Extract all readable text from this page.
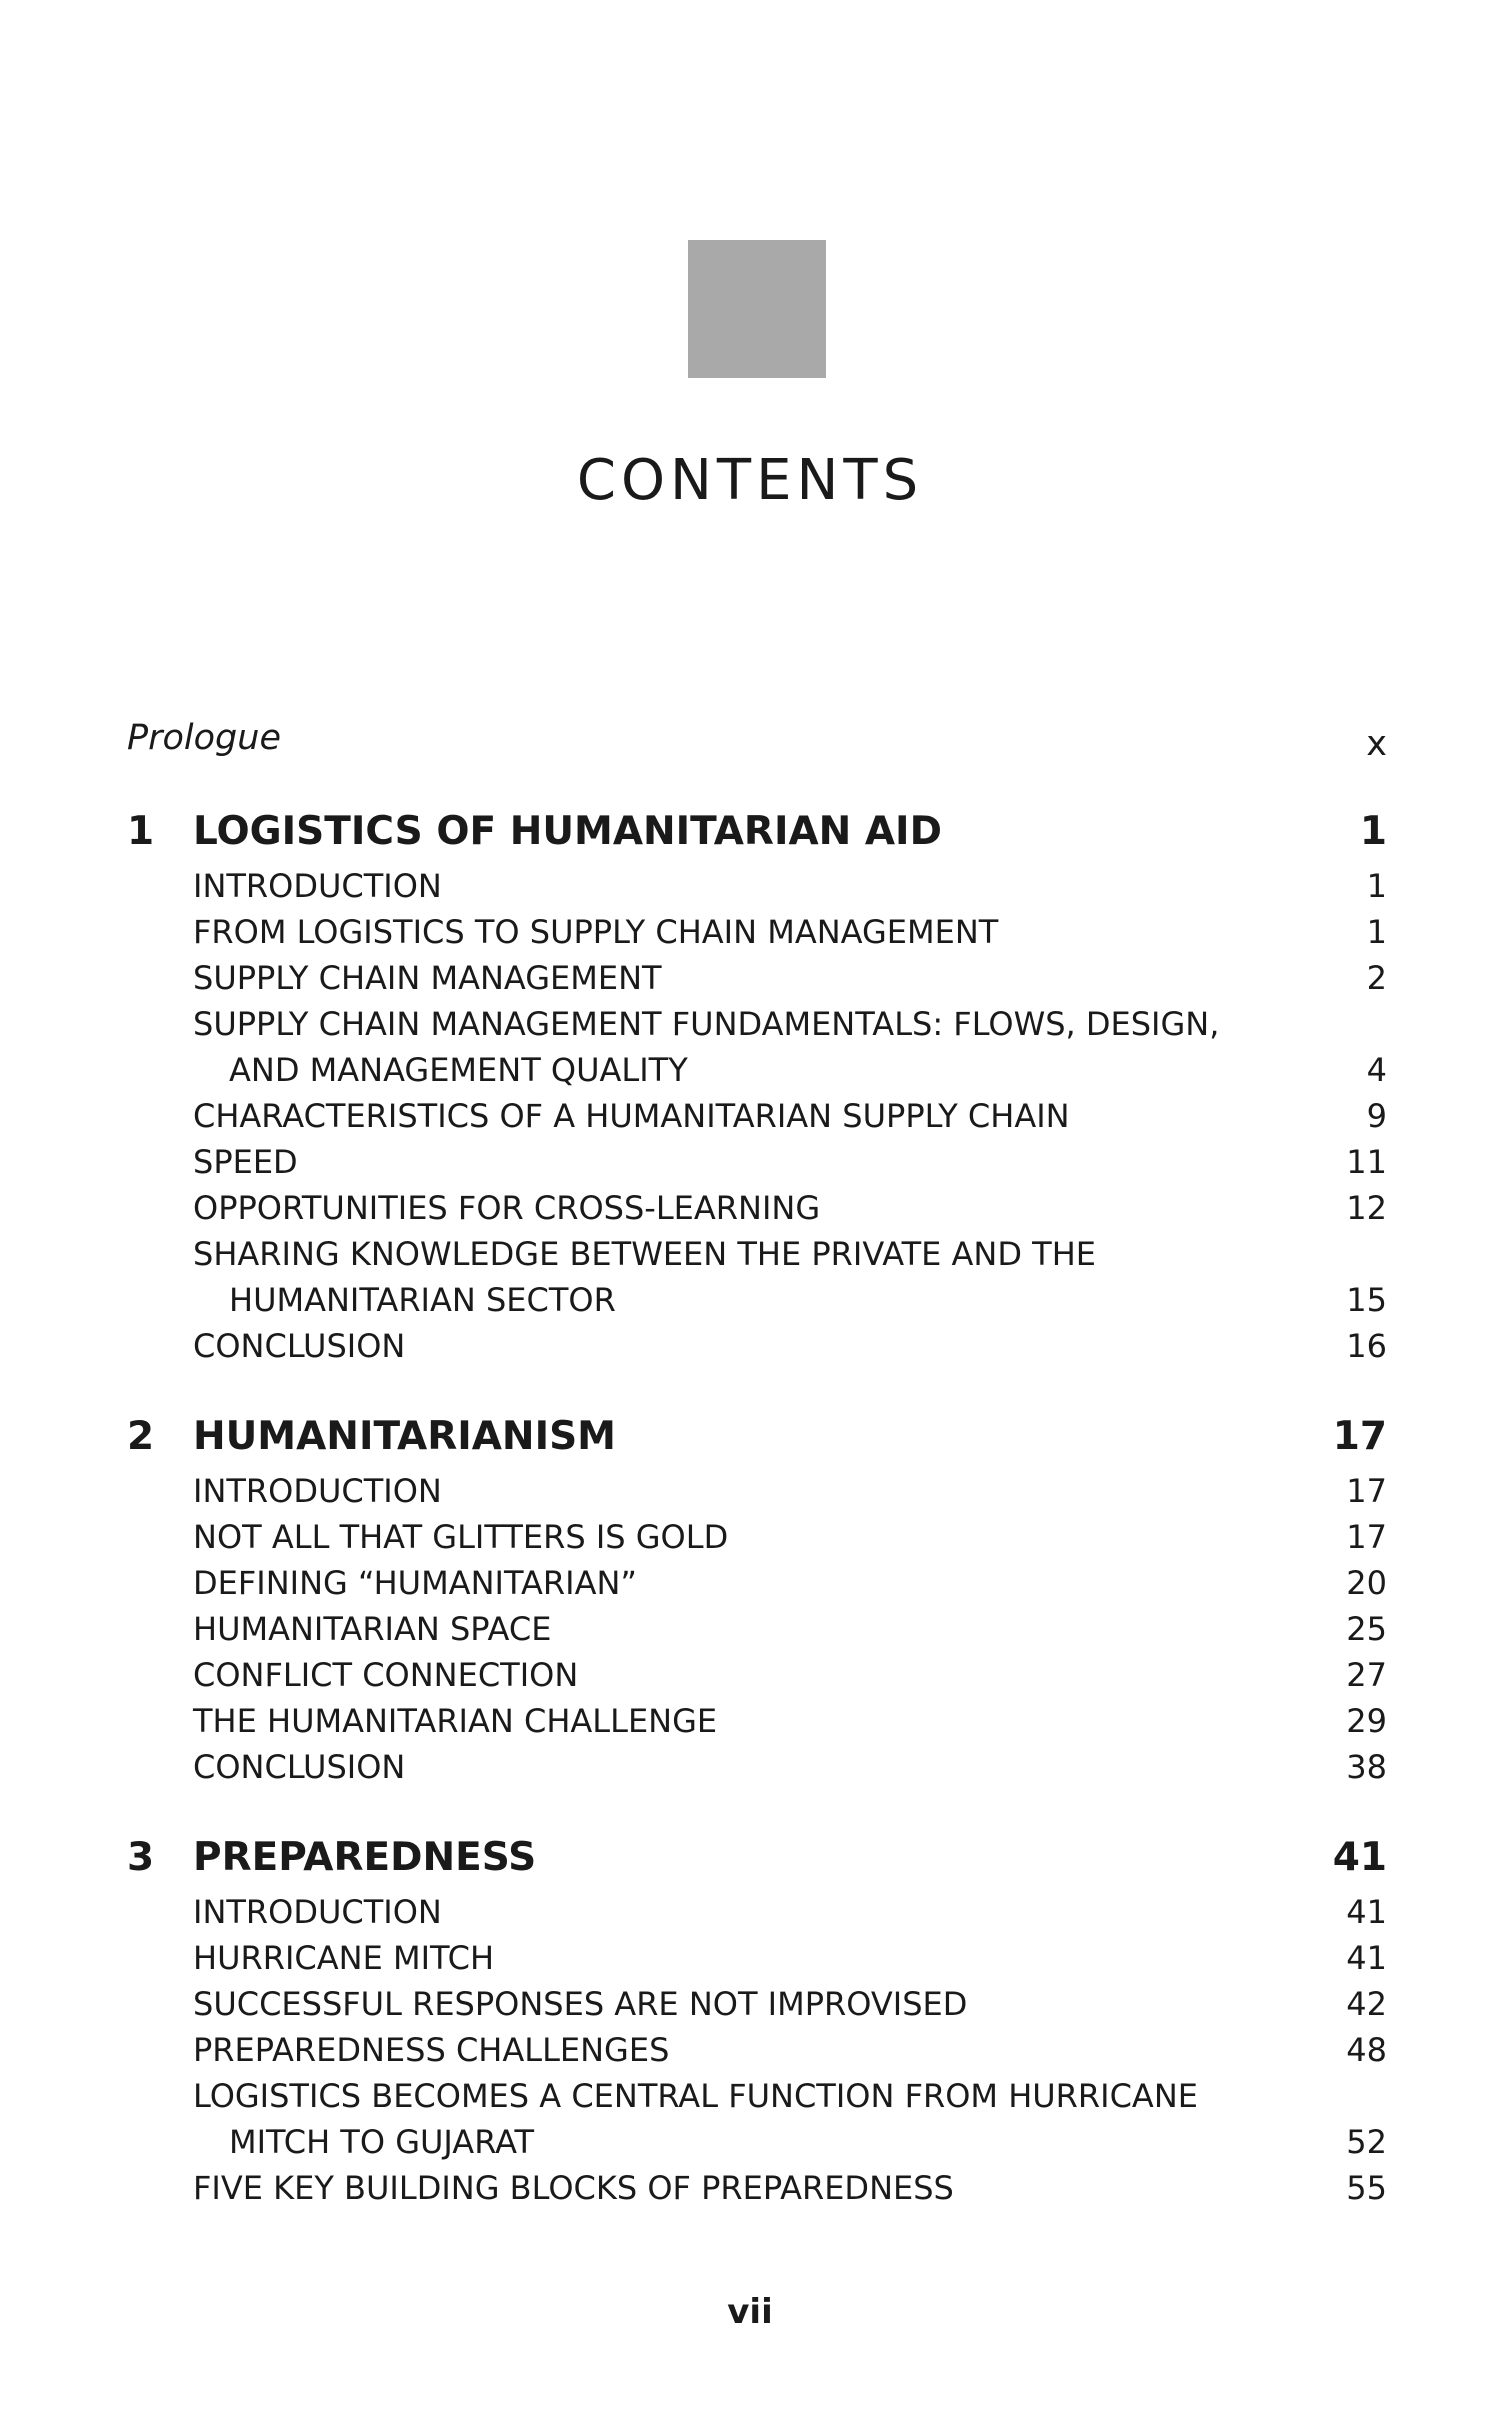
CONTENTS
Prologue	x
1 LOGISTICS OF HUMANITARIAN AID	1
INTRODUCTION	1
FROM LOGISTICS TO SUPPLY CHAIN MANAGEMENT	1
SUPPLY CHAIN MANAGEMENT	2
SUPPLY CHAIN MANAGEMENT FUNDAMENTALS: FLOWS, DESIGN,
AND MANAGEMENT QUALITY	4
CHARACTERISTICS OF A HUMANITARIAN SUPPLY CHAIN	9
SPEED	11
OPPORTUNITIES FOR CROSS-LEARNING	12
SHARING KNOWLEDGE BETWEEN THE PRIVATE AND THE
HUMANITARIAN SECTOR	15
CONCLUSION	16
2 HUMANITARIANISM	17
INTRODUCTION	17
NOT ALL THAT GLITTERS IS GOLD	17
DEFINING “HUMANITARIAN”	20
HUMANITARIAN SPACE	25
CONFLICT CONNECTION	27
THE HUMANITARIAN CHALLENGE	29
CONCLUSION	38
3 PREPAREDNESS	41
INTRODUCTION	41
HURRICANE MITCH	41
SUCCESSFUL RESPONSES ARE NOT IMPROVISED	42
PREPAREDNESS CHALLENGES	48
LOGISTICS BECOMES A CENTRAL FUNCTION FROM HURRICANE
MITCH TO GUJARAT	52
FIVE KEY BUILDING BLOCKS OF PREPAREDNESS	55
vii
